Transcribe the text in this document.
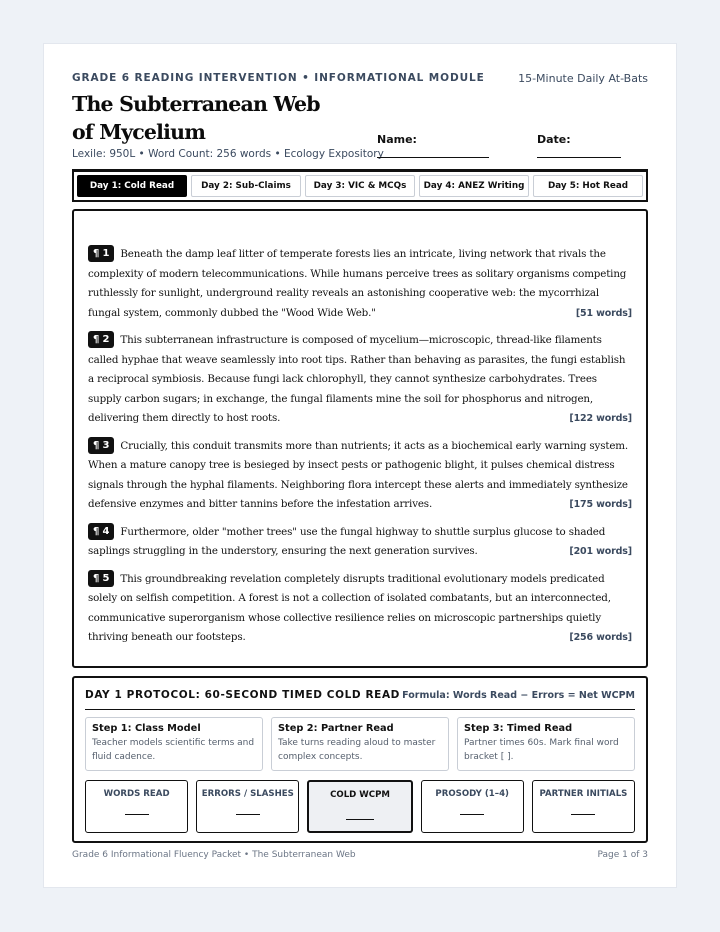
GRADE 6 READING INTERVENTION • INFORMATIONAL MODULE	15-Minute Daily At-Bats
The Subterranean Web of Mycelium
Lexile: 950L • Word Count: 256 words • Ecology Expository
Name:	Date:
Day 1: Cold Read	Day 2: Sub-Claims	Day 3: VIC & MCQs	Day 4: ANEZ Writing	Day 5: Hot Read
¶ 1 Beneath the damp leaf litter of temperate forests lies an intricate, living network that rivals the complexity of modern telecommunications. While humans perceive trees as solitary organisms competing ruthlessly for sunlight, underground reality reveals an astonishing cooperative web: the mycorrhizal fungal system, commonly dubbed the "Wood Wide Web."	[51 words]
¶ 2 This subterranean infrastructure is composed of mycelium—microscopic, thread-like filaments called hyphae that weave seamlessly into root tips. Rather than behaving as parasites, the fungi establish a reciprocal symbiosis. Because fungi lack chlorophyll, they cannot synthesize carbohydrates. Trees supply carbon sugars; in exchange, the fungal filaments mine the soil for phosphorus and nitrogen, delivering them directly to host roots.	[122 words]
¶ 3 Crucially, this conduit transmits more than nutrients; it acts as a biochemical early warning system. When a mature canopy tree is besieged by insect pests or pathogenic blight, it pulses chemical distress signals through the hyphal filaments. Neighboring flora intercept these alerts and immediately synthesize defensive enzymes and bitter tannins before the infestation arrives.	[175 words]
¶ 4 Furthermore, older "mother trees" use the fungal highway to shuttle surplus glucose to shaded saplings struggling in the understory, ensuring the next generation survives.	[201 words]
¶ 5 This groundbreaking revelation completely disrupts traditional evolutionary models predicated solely on selfish competition. A forest is not a collection of isolated combatants, but an interconnected, communicative superorganism whose collective resilience relies on microscopic partnerships quietly thriving beneath our footsteps.	[256 words]
DAY 1 PROTOCOL: 60-SECOND TIMED COLD READ Formula: Words Read − Errors = Net WCPM
Step 1: Class Model
Teacher models scientific terms and fluid cadence.
Step 2: Partner Read
Take turns reading aloud to master complex concepts.
Step 3: Timed Read
Partner times 60s. Mark final word bracket [ ].
WORDS READ	ERRORS / SLASHES	COLD WCPM	PROSODY (1–4)	PARTNER INITIALS
Grade 6 Informational Fluency Packet • The Subterranean Web	Page 1 of 3
